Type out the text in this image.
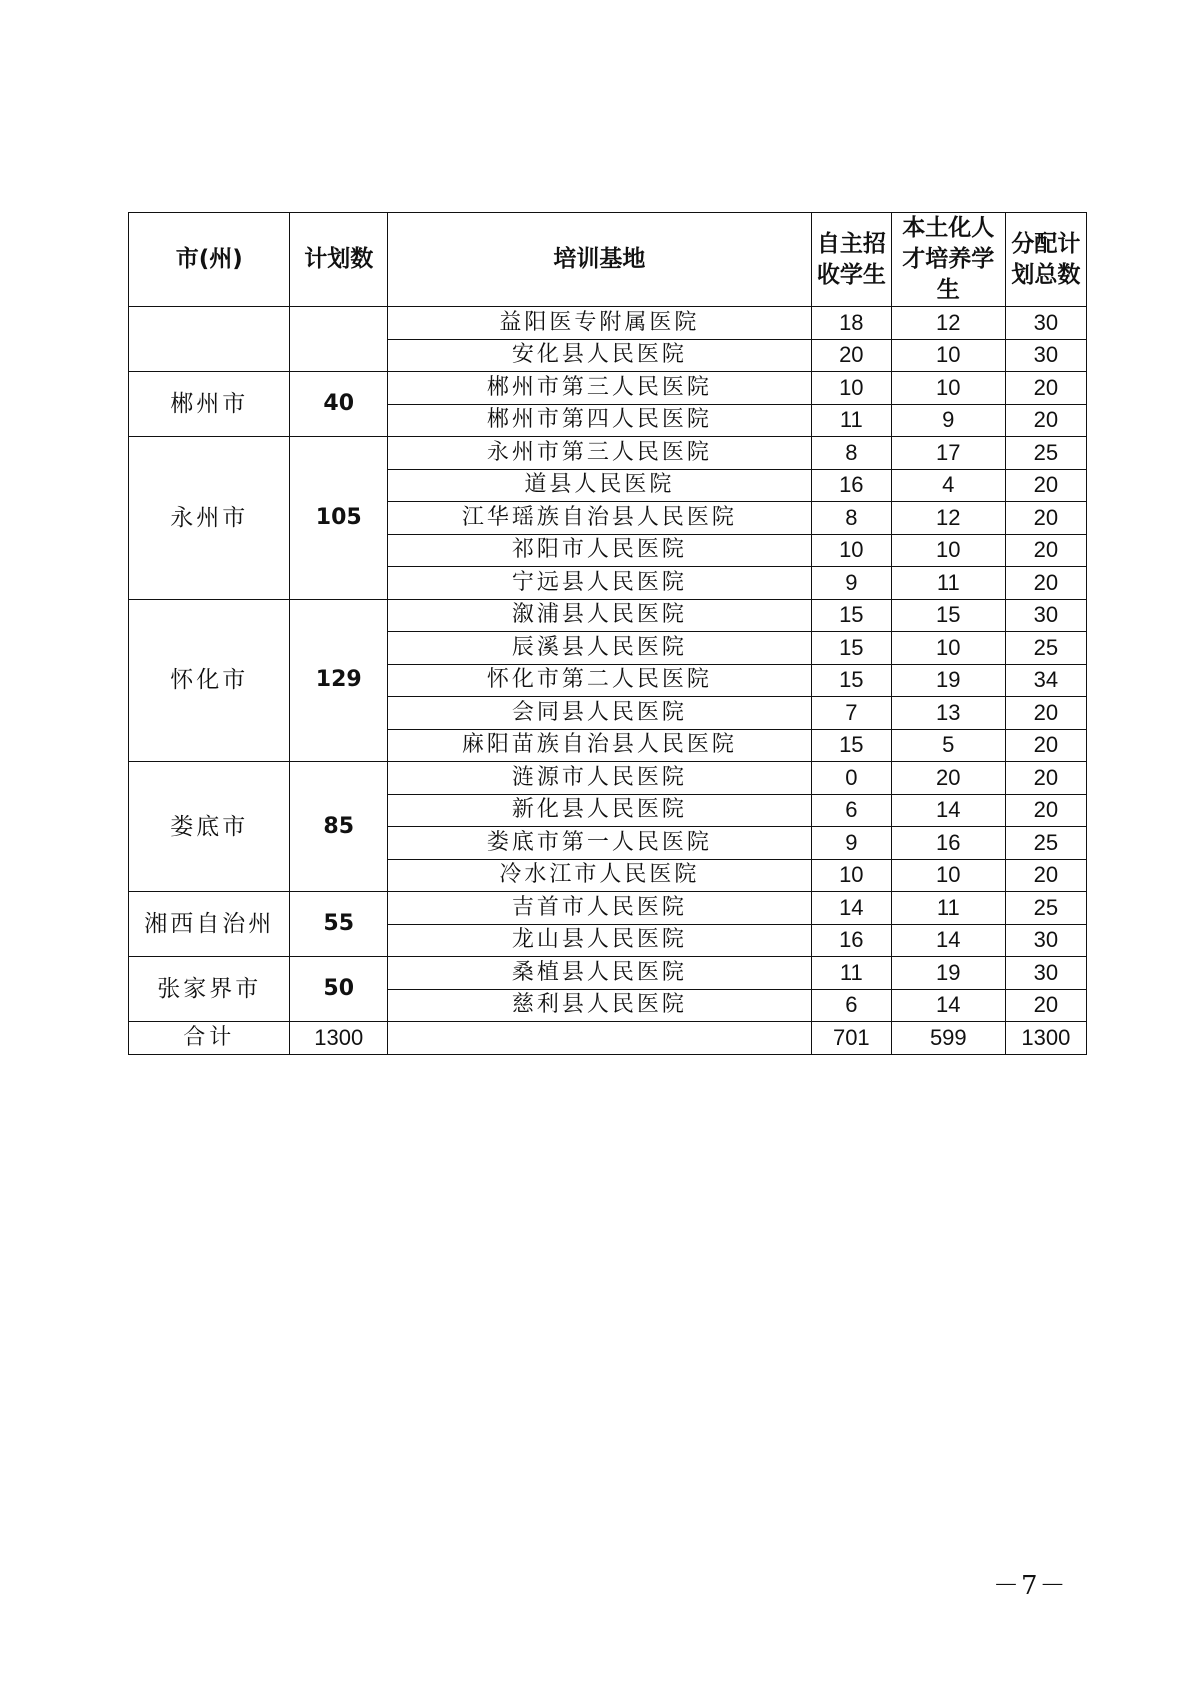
市(州)	计划数	培训基地	自主招收学生	本土化人才培养学生	分配计划总数
		益阳医专附属医院	18	12	30
		安化县人民医院	20	10	30
郴州市	40	郴州市第三人民医院	10	10	20
		郴州市第四人民医院	11	9	20
永州市	105	永州市第三人民医院	8	17	25
		道县人民医院	16	4	20
		江华瑶族自治县人民医院	8	12	20
		祁阳市人民医院	10	10	20
		宁远县人民医院	9	11	20
怀化市	129	溆浦县人民医院	15	15	30
		辰溪县人民医院	15	10	25
		怀化市第二人民医院	15	19	34
		会同县人民医院	7	13	20
		麻阳苗族自治县人民医院	15	5	20
娄底市	85	涟源市人民医院	0	20	20
		新化县人民医院	6	14	20
		娄底市第一人民医院	9	16	25
		冷水江市人民医院	10	10	20
湘西自治州	55	吉首市人民医院	14	11	25
		龙山县人民医院	16	14	30
张家界市	50	桑植县人民医院	11	19	30
		慈利县人民医院	6	14	20
合计	1300		701	599	1300
－7－
